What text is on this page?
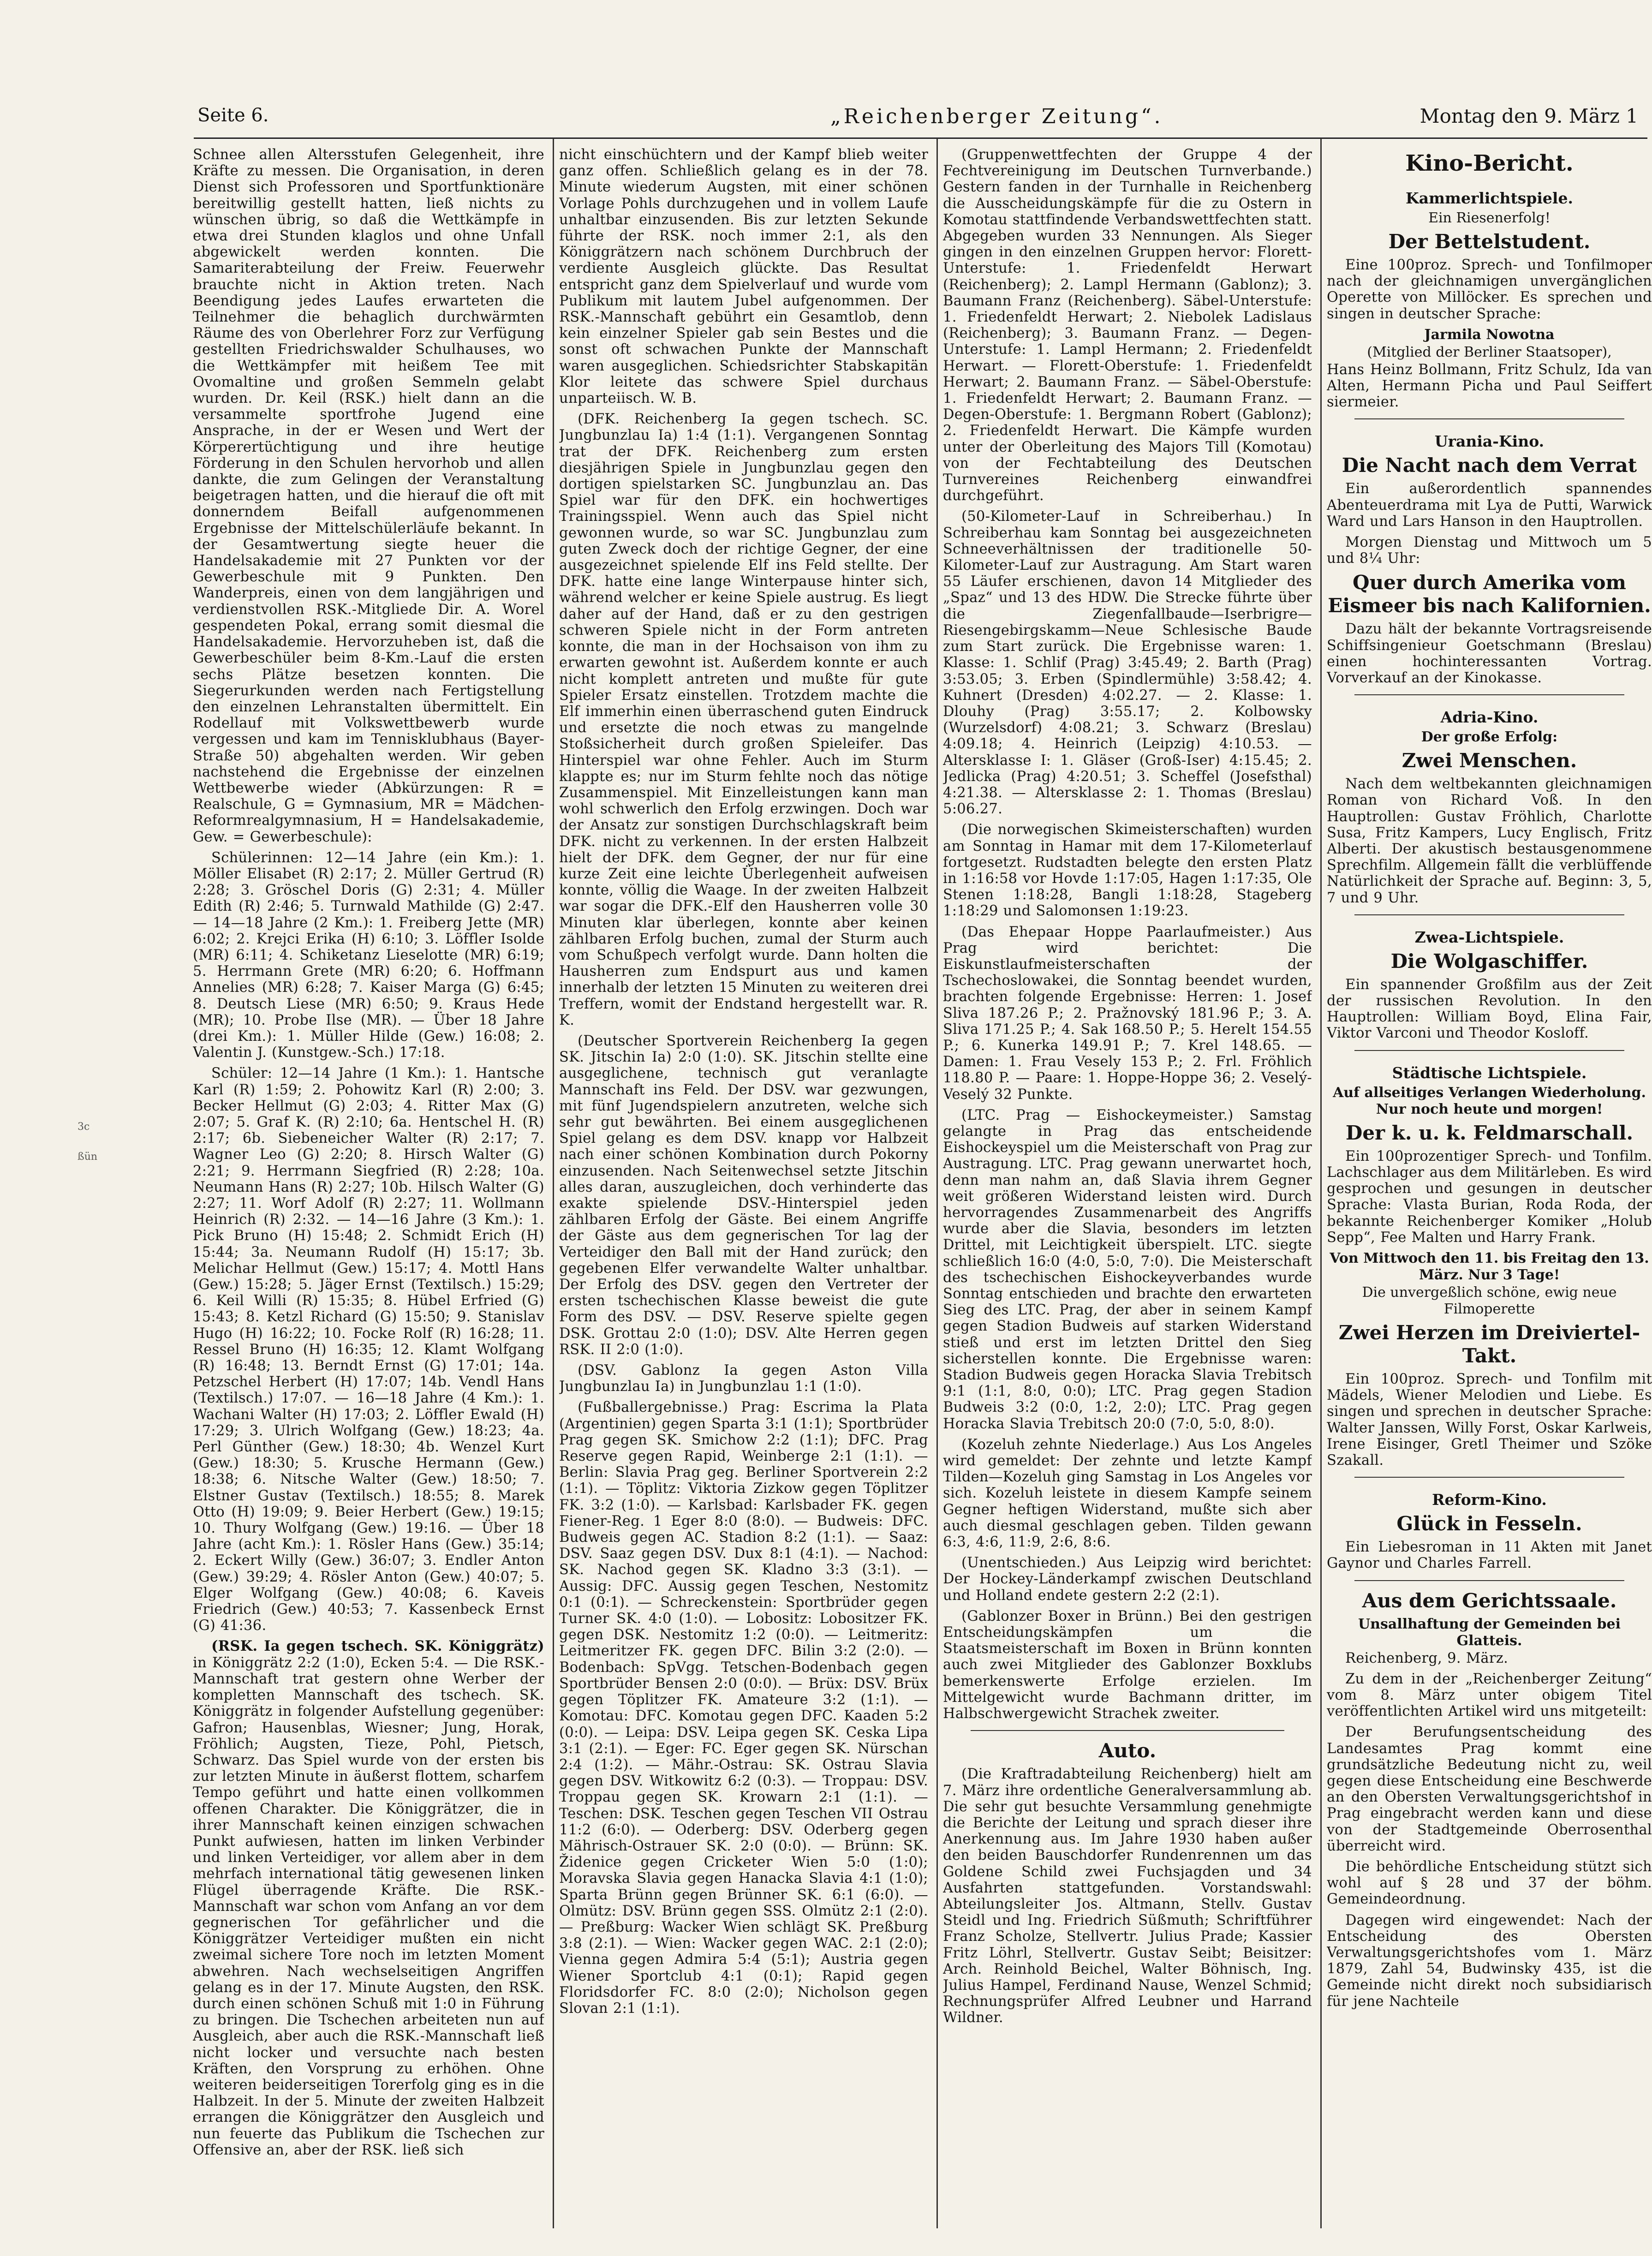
Seite 6.	„Reichenberger Zeitung“.	Montag den 9. März 1
3c
ßün

Schnee allen Altersstufen Gelegenheit, ihre Kräfte zu messen. Die Organisation, in deren Dienst sich Professoren und Sportfunktionäre bereitwillig gestellt hatten, ließ nichts zu wünschen übrig, so daß die Wettkämpfe in etwa drei Stunden klaglos und ohne Unfall abgewickelt werden konnten. Die Samariterabteilung der Freiw. Feuerwehr brauchte nicht in Aktion treten. Nach Beendigung jedes Laufes erwarteten die Teilnehmer die behaglich durchwärmten Räume des von Oberlehrer Forz zur Verfügung gestellten Friedrichswalder Schulhauses, wo die Wettkämpfer mit heißem Tee mit Ovomaltine und großen Semmeln gelabt wurden. Dr. Keil (RSK.) hielt dann an die versammelte sportfrohe Jugend eine Ansprache, in der er Wesen und Wert der Körperertüchtigung und ihre heutige Förderung in den Schulen hervorhob und allen dankte, die zum Gelingen der Veranstaltung beigetragen hatten, und die hierauf die oft mit donnerndem Beifall aufgenommenen Ergebnisse der Mittelschülerläufe bekannt. In der Gesamtwertung siegte heuer die Handelsakademie mit 27 Punkten vor der Gewerbeschule mit 9 Punkten. Den Wanderpreis, einen von dem langjährigen und verdienstvollen RSK.-Mitgliede Dir. A. Worel gespendeten Pokal, errang somit diesmal die Handelsakademie. Hervorzuheben ist, daß die Gewerbeschüler beim 8-Km.-Lauf die ersten sechs Plätze besetzen konnten. Die Siegerurkunden werden nach Fertigstellung den einzelnen Lehranstalten übermittelt. Ein Rodellauf mit Volkswettbewerb wurde vergessen und kam im Tennisklubhaus (Bayer-Straße 50) abgehalten werden. Wir geben nachstehend die Ergebnisse der einzelnen Wettbewerbe wieder (Abkürzungen: R = Realschule, G = Gymnasium, MR = Mädchen-Reformrealgymnasium, H = Handelsakademie, Gew. = Gewerbeschule):

Schülerinnen: 12—14 Jahre (ein Km.): 1. Möller Elisabet (R) 2:17; 2. Müller Gertrud (R) 2:28; 3. Gröschel Doris (G) 2:31; 4. Müller Edith (R) 2:46; 5. Turnwald Mathilde (G) 2:47. — 14—18 Jahre (2 Km.): 1. Freiberg Jette (MR) 6:02; 2. Krejci Erika (H) 6:10; 3. Löffler Isolde (MR) 6:11; 4. Schiketanz Lieselotte (MR) 6:19; 5. Herrmann Grete (MR) 6:20; 6. Hoffmann Annelies (MR) 6:28; 7. Kaiser Marga (G) 6:45; 8. Deutsch Liese (MR) 6:50; 9. Kraus Hede (MR); 10. Probe Ilse (MR). — Über 18 Jahre (drei Km.): 1. Müller Hilde (Gew.) 16:08; 2. Valentin J. (Kunstgew.-Sch.) 17:18.

Schüler: 12—14 Jahre (1 Km.): 1. Hantsche Karl (R) 1:59; 2. Pohowitz Karl (R) 2:00; 3. Becker Hellmut (G) 2:03; 4. Ritter Max (G) 2:07; 5. Graf K. (R) 2:10; 6a. Hentschel H. (R) 2:17; 6b. Siebeneicher Walter (R) 2:17; 7. Wagner Leo (G) 2:20; 8. Hirsch Walter (G) 2:21; 9. Herrmann Siegfried (R) 2:28; 10a. Neumann Hans (R) 2:27; 10b. Hilsch Walter (G) 2:27; 11. Worf Adolf (R) 2:27; 11. Wollmann Heinrich (R) 2:32. — 14—16 Jahre (3 Km.): 1. Pick Bruno (H) 15:48; 2. Schmidt Erich (H) 15:44; 3a. Neumann Rudolf (H) 15:17; 3b. Melichar Hellmut (Gew.) 15:17; 4. Mottl Hans (Gew.) 15:28; 5. Jäger Ernst (Textilsch.) 15:29; 6. Keil Willi (R) 15:35; 8. Hübel Erfried (G) 15:43; 8. Ketzl Richard (G) 15:50; 9. Stanislav Hugo (H) 16:22; 10. Focke Rolf (R) 16:28; 11. Ressel Bruno (H) 16:35; 12. Klamt Wolfgang (R) 16:48; 13. Berndt Ernst (G) 17:01; 14a. Petzschel Herbert (H) 17:07; 14b. Vendl Hans (Textilsch.) 17:07. — 16—18 Jahre (4 Km.): 1. Wachani Walter (H) 17:03; 2. Löffler Ewald (H) 17:29; 3. Ulrich Wolfgang (Gew.) 18:23; 4a. Perl Günther (Gew.) 18:30; 4b. Wenzel Kurt (Gew.) 18:30; 5. Krusche Hermann (Gew.) 18:38; 6. Nitsche Walter (Gew.) 18:50; 7. Elstner Gustav (Textilsch.) 18:55; 8. Marek Otto (H) 19:09; 9. Beier Herbert (Gew.) 19:15; 10. Thury Wolfgang (Gew.) 19:16. — Über 18 Jahre (acht Km.): 1. Rösler Hans (Gew.) 35:14; 2. Eckert Willy (Gew.) 36:07; 3. Endler Anton (Gew.) 39:29; 4. Rösler Anton (Gew.) 40:07; 5. Elger Wolfgang (Gew.) 40:08; 6. Kaveis Friedrich (Gew.) 40:53; 7. Kassenbeck Ernst (G) 41:36.

(RSK. Ia gegen tschech. SK. Königgrätz) in Königgrätz 2:2 (1:0), Ecken 5:4. — Die RSK.-Mannschaft trat gestern ohne Werber der kompletten Mannschaft des tschech. SK. Königgrätz in folgender Aufstellung gegenüber: Gafron; Hausenblas, Wiesner; Jung, Horak, Fröhlich; Augsten, Tieze, Pohl, Pietsch, Schwarz. Das Spiel wurde von der ersten bis zur letzten Minute in äußerst flottem, scharfem Tempo geführt und hatte einen vollkommen offenen Charakter. Die Königgrätzer, die in ihrer Mannschaft keinen einzigen schwachen Punkt aufwiesen, hatten im linken Verbinder und linken Verteidiger, vor allem aber in dem mehrfach international tätig gewesenen linken Flügel überragende Kräfte. Die RSK.-Mannschaft war schon vom Anfang an vor dem gegnerischen Tor gefährlicher und die Königgrätzer Verteidiger mußten ein nicht zweimal sichere Tore noch im letzten Moment abwehren. Nach wechselseitigen Angriffen gelang es in der 17. Minute Augsten, den RSK. durch einen schönen Schuß mit 1:0 in Führung zu bringen. Die Tschechen arbeiteten nun auf Ausgleich, aber auch die RSK.-Mannschaft ließ nicht locker und versuchte nach besten Kräften, den Vorsprung zu erhöhen. Ohne weiteren beiderseitigen Torerfolg ging es in die Halbzeit. In der 5. Minute der zweiten Halbzeit errangen die Königgrätzer den Ausgleich und nun feuerte das Publikum die Tschechen zur Offensive an, aber der RSK. ließ sich

nicht einschüchtern und der Kampf blieb weiter ganz offen. Schließlich gelang es in der 78. Minute wiederum Augsten, mit einer schönen Vorlage Pohls durchzugehen und in vollem Laufe unhaltbar einzusenden. Bis zur letzten Sekunde führte der RSK. noch immer 2:1, als den Königgrätzern nach schönem Durchbruch der verdiente Ausgleich glückte. Das Resultat entspricht ganz dem Spielverlauf und wurde vom Publikum mit lautem Jubel aufgenommen. Der RSK.-Mannschaft gebührt ein Gesamtlob, denn kein einzelner Spieler gab sein Bestes und die sonst oft schwachen Punkte der Mannschaft waren ausgeglichen. Schiedsrichter Stabskapitän Klor leitete das schwere Spiel durchaus unparteiisch. W. B.

(DFK. Reichenberg Ia gegen tschech. SC. Jungbunzlau Ia) 1:4 (1:1). Vergangenen Sonntag trat der DFK. Reichenberg zum ersten diesjährigen Spiele in Jungbunzlau gegen den dortigen spielstarken SC. Jungbunzlau an. Das Spiel war für den DFK. ein hochwertiges Trainingsspiel. Wenn auch das Spiel nicht gewonnen wurde, so war SC. Jungbunzlau zum guten Zweck doch der richtige Gegner, der eine ausgezeichnet spielende Elf ins Feld stellte. Der DFK. hatte eine lange Winterpause hinter sich, während welcher er keine Spiele austrug. Es liegt daher auf der Hand, daß er zu den gestrigen schweren Spiele nicht in der Form antreten konnte, die man in der Hochsaison von ihm zu erwarten gewohnt ist. Außerdem konnte er auch nicht komplett antreten und mußte für gute Spieler Ersatz einstellen. Trotzdem machte die Elf immerhin einen überraschend guten Eindruck und ersetzte die noch etwas zu mangelnde Stoßsicherheit durch großen Spieleifer. Das Hinterspiel war ohne Fehler. Auch im Sturm klappte es; nur im Sturm fehlte noch das nötige Zusammenspiel. Mit Einzelleistungen kann man wohl schwerlich den Erfolg erzwingen. Doch war der Ansatz zur sonstigen Durchschlagskraft beim DFK. nicht zu verkennen. In der ersten Halbzeit hielt der DFK. dem Gegner, der nur für eine kurze Zeit eine leichte Überlegenheit aufweisen konnte, völlig die Waage. In der zweiten Halbzeit war sogar die DFK.-Elf den Hausherren volle 30 Minuten klar überlegen, konnte aber keinen zählbaren Erfolg buchen, zumal der Sturm auch vom Schußpech verfolgt wurde. Dann holten die Hausherren zum Endspurt aus und kamen innerhalb der letzten 15 Minuten zu weiteren drei Treffern, womit der Endstand hergestellt war. R. K.

(Deutscher Sportverein Reichenberg Ia gegen SK. Jitschin Ia) 2:0 (1:0). SK. Jitschin stellte eine ausgeglichene, technisch gut veranlagte Mannschaft ins Feld. Der DSV. war gezwungen, mit fünf Jugendspielern anzutreten, welche sich sehr gut bewährten. Bei einem ausgeglichenen Spiel gelang es dem DSV. knapp vor Halbzeit nach einer schönen Kombination durch Pokorny einzusenden. Nach Seitenwechsel setzte Jitschin alles daran, auszugleichen, doch verhinderte das exakte spielende DSV.-Hinterspiel jeden zählbaren Erfolg der Gäste. Bei einem Angriffe der Gäste aus dem gegnerischen Tor lag der Verteidiger den Ball mit der Hand zurück; den gegebenen Elfer verwandelte Walter unhaltbar. Der Erfolg des DSV. gegen den Vertreter der ersten tschechischen Klasse beweist die gute Form des DSV. — DSV. Reserve spielte gegen DSK. Grottau 2:0 (1:0); DSV. Alte Herren gegen RSK. II 2:0 (1:0).

(DSV. Gablonz Ia gegen Aston Villa Jungbunzlau Ia) in Jungbunzlau 1:1 (1:0).

(Fußballergebnisse.) Prag: Escrima la Plata (Argentinien) gegen Sparta 3:1 (1:1); Sportbrüder Prag gegen SK. Smichow 2:2 (1:1); DFC. Prag Reserve gegen Rapid, Weinberge 2:1 (1:1). — Berlin: Slavia Prag geg. Berliner Sportverein 2:2 (1:1). — Töplitz: Viktoria Zizkow gegen Töplitzer FK. 3:2 (1:0). — Karlsbad: Karlsbader FK. gegen Fiener-Reg. 1 Eger 8:0 (8:0). — Budweis: DFC. Budweis gegen AC. Stadion 8:2 (1:1). — Saaz: DSV. Saaz gegen DSV. Dux 8:1 (4:1). — Nachod: SK. Nachod gegen SK. Kladno 3:3 (3:1). — Aussig: DFC. Aussig gegen Teschen, Nestomitz 0:1 (0:1). — Schreckenstein: Sportbrüder gegen Turner SK. 4:0 (1:0). — Lobositz: Lobositzer FK. gegen DSK. Nestomitz 1:2 (0:0). — Leitmeritz: Leitmeritzer FK. gegen DFC. Bilin 3:2 (2:0). — Bodenbach: SpVgg. Tetschen-Bodenbach gegen Sportbrüder Bensen 2:0 (0:0). — Brüx: DSV. Brüx gegen Töplitzer FK. Amateure 3:2 (1:1). — Komotau: DFC. Komotau gegen DFC. Kaaden 5:2 (0:0). — Leipa: DSV. Leipa gegen SK. Ceska Lipa 3:1 (2:1). — Eger: FC. Eger gegen SK. Nürschan 2:4 (1:2). — Mähr.-Ostrau: SK. Ostrau Slavia gegen DSV. Witkowitz 6:2 (0:3). — Troppau: DSV. Troppau gegen SK. Krowarn 2:1 (1:1). — Teschen: DSK. Teschen gegen Teschen VII Ostrau 11:2 (6:0). — Oderberg: DSV. Oderberg gegen Mährisch-Ostrauer SK. 2:0 (0:0). — Brünn: SK. Židenice gegen Cricketer Wien 5:0 (1:0); Moravska Slavia gegen Hanacka Slavia 4:1 (1:0); Sparta Brünn gegen Brünner SK. 6:1 (6:0). — Olmütz: DSV. Brünn gegen SSS. Olmütz 2:1 (2:0). — Preßburg: Wacker Wien schlägt SK. Preßburg 3:8 (2:1). — Wien: Wacker gegen WAC. 2:1 (2:0); Vienna gegen Admira 5:4 (5:1); Austria gegen Wiener Sportclub 4:1 (0:1); Rapid gegen Floridsdorfer FC. 8:0 (2:0); Nicholson gegen Slovan 2:1 (1:1).

(Gruppenwettfechten der Gruppe 4 der Fechtvereinigung im Deutschen Turnverbande.) Gestern fanden in der Turnhalle in Reichenberg die Ausscheidungskämpfe für die zu Ostern in Komotau stattfindende Verbandswettfechten statt. Abgegeben wurden 33 Nennungen. Als Sieger gingen in den einzelnen Gruppen hervor: Florett-Unterstufe: 1. Friedenfeldt Herwart (Reichenberg); 2. Lampl Hermann (Gablonz); 3. Baumann Franz (Reichenberg). Säbel-Unterstufe: 1. Friedenfeldt Herwart; 2. Niebolek Ladislaus (Reichenberg); 3. Baumann Franz. — Degen-Unterstufe: 1. Lampl Hermann; 2. Friedenfeldt Herwart. — Florett-Oberstufe: 1. Friedenfeldt Herwart; 2. Baumann Franz. — Säbel-Oberstufe: 1. Friedenfeldt Herwart; 2. Baumann Franz. — Degen-Oberstufe: 1. Bergmann Robert (Gablonz); 2. Friedenfeldt Herwart. Die Kämpfe wurden unter der Oberleitung des Majors Till (Komotau) von der Fechtabteilung des Deutschen Turnvereines Reichenberg einwandfrei durchgeführt.

(50-Kilometer-Lauf in Schreiberhau.) In Schreiberhau kam Sonntag bei ausgezeichneten Schneeverhältnissen der traditionelle 50-Kilometer-Lauf zur Austragung. Am Start waren 55 Läufer erschienen, davon 14 Mitglieder des „Spaz“ und 13 des HDW. Die Strecke führte über die Ziegenfallbaude—Iserbrigre—Riesengebirgskamm—Neue Schlesische Baude zum Start zurück. Die Ergebnisse waren: 1. Klasse: 1. Schlif (Prag) 3:45.49; 2. Barth (Prag) 3:53.05; 3. Erben (Spindlermühle) 3:58.42; 4. Kuhnert (Dresden) 4:02.27. — 2. Klasse: 1. Dlouhy (Prag) 3:55.17; 2. Kolbowsky (Wurzelsdorf) 4:08.21; 3. Schwarz (Breslau) 4:09.18; 4. Heinrich (Leipzig) 4:10.53. — Altersklasse I: 1. Gläser (Groß-Iser) 4:15.45; 2. Jedlicka (Prag) 4:20.51; 3. Scheffel (Josefsthal) 4:21.38. — Altersklasse 2: 1. Thomas (Breslau) 5:06.27.

(Die norwegischen Skimeisterschaften) wurden am Sonntag in Hamar mit dem 17-Kilometerlauf fortgesetzt. Rudstadten belegte den ersten Platz in 1:16:58 vor Hovde 1:17:05, Hagen 1:17:35, Ole Stenen 1:18:28, Bangli 1:18:28, Stageberg 1:18:29 und Salomonsen 1:19:23.

(Das Ehepaar Hoppe Paarlaufmeister.) Aus Prag wird berichtet: Die Eiskunstlaufmeisterschaften der Tschechoslowakei, die Sonntag beendet wurden, brachten folgende Ergebnisse: Herren: 1. Josef Sliva 187.26 P.; 2. Pražnovský 181.96 P.; 3. A. Sliva 171.25 P.; 4. Sak 168.50 P.; 5. Herelt 154.55 P.; 6. Kunerka 149.91 P.; 7. Krel 148.65. — Damen: 1. Frau Vesely 153 P.; 2. Frl. Fröhlich 118.80 P. — Paare: 1. Hoppe-Hoppe 36; 2. Veselý-Veselý 32 Punkte.

(LTC. Prag — Eishockeymeister.) Samstag gelangte in Prag das entscheidende Eishockeyspiel um die Meisterschaft von Prag zur Austragung. LTC. Prag gewann unerwartet hoch, denn man nahm an, daß Slavia ihrem Gegner weit größeren Widerstand leisten wird. Durch hervorragendes Zusammenarbeit des Angriffs wurde aber die Slavia, besonders im letzten Drittel, mit Leichtigkeit überspielt. LTC. siegte schließlich 16:0 (4:0, 5:0, 7:0). Die Meisterschaft des tschechischen Eishockeyverbandes wurde Sonntag entschieden und brachte den erwarteten Sieg des LTC. Prag, der aber in seinem Kampf gegen Stadion Budweis auf starken Widerstand stieß und erst im letzten Drittel den Sieg sicherstellen konnte. Die Ergebnisse waren: Stadion Budweis gegen Horacka Slavia Trebitsch 9:1 (1:1, 8:0, 0:0); LTC. Prag gegen Stadion Budweis 3:2 (0:0, 1:2, 2:0); LTC. Prag gegen Horacka Slavia Trebitsch 20:0 (7:0, 5:0, 8:0).

(Kozeluh zehnte Niederlage.) Aus Los Angeles wird gemeldet: Der zehnte und letzte Kampf Tilden—Kozeluh ging Samstag in Los Angeles vor sich. Kozeluh leistete in diesem Kampfe seinem Gegner heftigen Widerstand, mußte sich aber auch diesmal geschlagen geben. Tilden gewann 6:3, 4:6, 11:9, 2:6, 8:6.

(Unentschieden.) Aus Leipzig wird berichtet: Der Hockey-Länderkampf zwischen Deutschland und Holland endete gestern 2:2 (2:1).

(Gablonzer Boxer in Brünn.) Bei den gestrigen Entscheidungskämpfen um die Staatsmeisterschaft im Boxen in Brünn konnten auch zwei Mitglieder des Gablonzer Boxklubs bemerkenswerte Erfolge erzielen. Im Mittelgewicht wurde Bachmann dritter, im Halbschwergewicht Strachek zweiter.

Auto.

(Die Kraftradabteilung Reichenberg) hielt am 7. März ihre ordentliche Generalversammlung ab. Die sehr gut besuchte Versammlung genehmigte die Berichte der Leitung und sprach dieser ihre Anerkennung aus. Im Jahre 1930 haben außer den beiden Bauschdorfer Rundenrennen um das Goldene Schild zwei Fuchsjagden und 34 Ausfahrten stattgefunden. Vorstandswahl: Abteilungsleiter Jos. Altmann, Stellv. Gustav Steidl und Ing. Friedrich Süßmuth; Schriftführer Franz Scholze, Stellvertr. Julius Prade; Kassier Fritz Löhrl, Stellvertr. Gustav Seibt; Beisitzer: Arch. Reinhold Beichel, Walter Böhnisch, Ing. Julius Hampel, Ferdinand Nause, Wenzel Schmid; Rechnungsprüfer Alfred Leubner und Harrand Wildner.

Kino-Bericht.
Kammerlichtspiele.
Ein Riesenerfolg!
Der Bettelstudent.

Eine 100proz. Sprech- und Tonfilmoper nach der gleichnamigen unvergänglichen Operette von Millöcker. Es sprechen und singen in deutscher Sprache:

Jarmila Nowotna
(Mitglied der Berliner Staatsoper),

Hans Heinz Bollmann, Fritz Schulz, Ida van Alten, Hermann Picha und Paul Seiffert siermeier.

Urania-Kino.
Die Nacht nach dem Verrat

Ein außerordentlich spannendes Abenteuerdrama mit Lya de Putti, Warwick Ward und Lars Hanson in den Hauptrollen.

Morgen Dienstag und Mittwoch um 5 und 8¼ Uhr:

Quer durch Amerika vom Eismeer bis nach Kalifornien.

Dazu hält der bekannte Vortragsreisende Schiffsingenieur Goetschmann (Breslau) einen hochinteressanten Vortrag. Vorverkauf an der Kinokasse.

Adria-Kino.
Der große Erfolg:
Zwei Menschen.

Nach dem weltbekannten gleichnamigen Roman von Richard Voß. In den Hauptrollen: Gustav Fröhlich, Charlotte Susa, Fritz Kampers, Lucy Englisch, Fritz Alberti. Der akustisch bestausgenommene Sprechfilm. Allgemein fällt die verblüffende Natürlichkeit der Sprache auf. Beginn: 3, 5, 7 und 9 Uhr.

Zwea-Lichtspiele.
Die Wolgaschiffer.

Ein spannender Großfilm aus der Zeit der russischen Revolution. In den Hauptrollen: William Boyd, Elina Fair, Viktor Varconi und Theodor Kosloff.

Städtische Lichtspiele.
Auf allseitiges Verlangen Wiederholung. Nur noch heute und morgen!
Der k. u. k. Feldmarschall.

Ein 100prozentiger Sprech- und Tonfilm. Lachschlager aus dem Militärleben. Es wird gesprochen und gesungen in deutscher Sprache: Vlasta Burian, Roda Roda, der bekannte Reichenberger Komiker „Holub Sepp“, Fee Malten und Harry Frank.

Von Mittwoch den 11. bis Freitag den 13. März. Nur 3 Tage!
Die unvergeßlich schöne, ewig neue Filmoperette
Zwei Herzen im Dreiviertel-Takt.

Ein 100proz. Sprech- und Tonfilm mit Mädels, Wiener Melodien und Liebe. Es singen und sprechen in deutscher Sprache: Walter Janssen, Willy Forst, Oskar Karlweis, Irene Eisinger, Gretl Theimer und Szöke Szakall.

Reform-Kino.
Glück in Fesseln.

Ein Liebesroman in 11 Akten mit Janet Gaynor und Charles Farrell.

Aus dem Gerichtssaale.
Unsallhaftung der Gemeinden bei Glatteis.

Reichenberg, 9. März.

Zu dem in der „Reichenberger Zeitung“ vom 8. März unter obigem Titel veröffentlichten Artikel wird uns mitgeteilt:

Der Berufungsentscheidung des Landesamtes Prag kommt eine grundsätzliche Bedeutung nicht zu, weil gegen diese Entscheidung eine Beschwerde an den Obersten Verwaltungsgerichtshof in Prag eingebracht werden kann und diese von der Stadtgemeinde Oberrosenthal überreicht wird.

Die behördliche Entscheidung stützt sich wohl auf § 28 und 37 der böhm. Gemeindeordnung.

Dagegen wird eingewendet: Nach der Entscheidung des Obersten Verwaltungsgerichtshofes vom 1. März 1879, Zahl 54, Budwinsky 435, ist die Gemeinde nicht direkt noch subsidiarisch für jene Nachteile
